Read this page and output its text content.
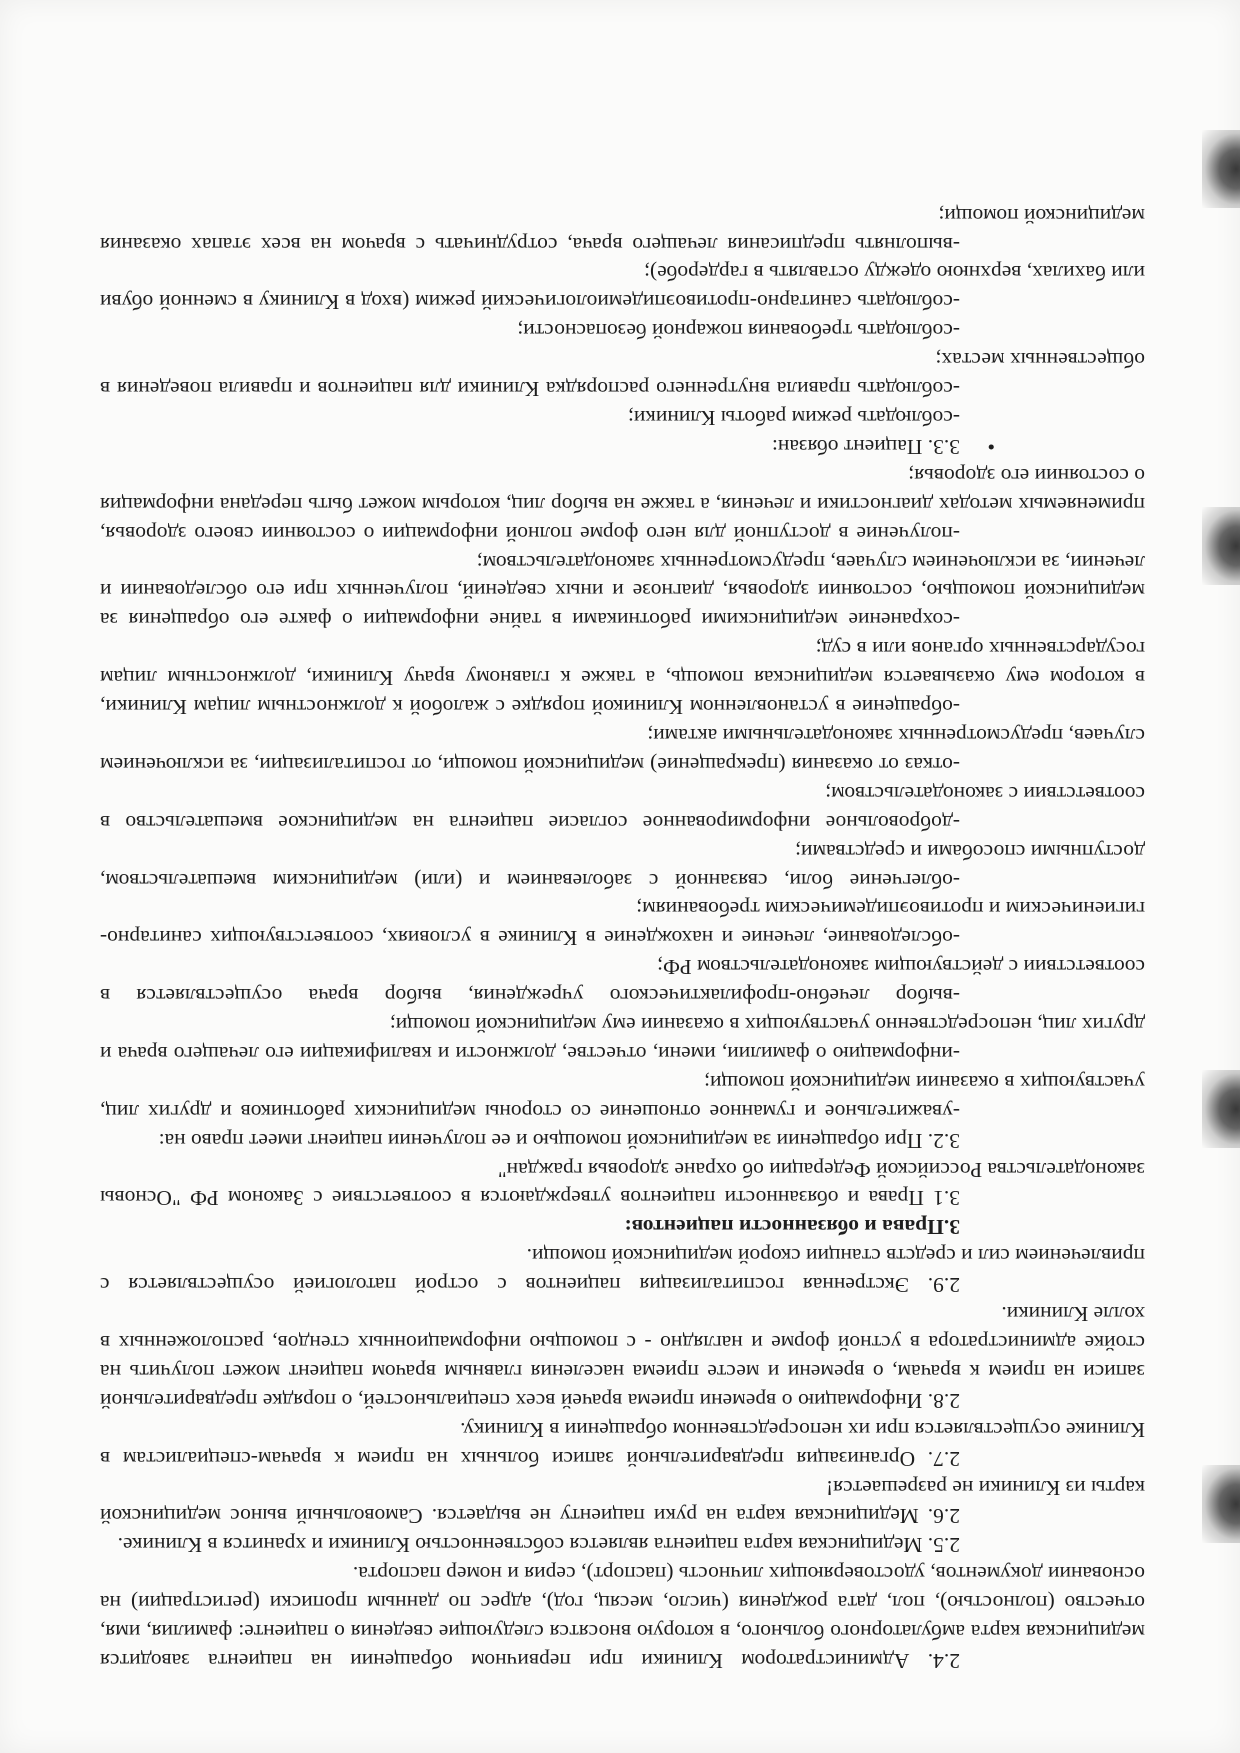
2.4. Администратором Клиники при первичном обращении на пациента заводится медицинская карта амбулаторного больного, в которую вносятся следующие сведения о пациенте: фамилия, имя, отчество (полностью), пол, дата рождения (число, месяц, год), адрес по данным прописки (регистрации) на основании документов, удостоверяющих личность (паспорт), серия и номер паспорта.

2.5. Медицинская карта пациента является собственностью Клиники и хранится в Клинике.

2.6. Медицинская карта на руки пациенту не выдается. Самовольный вынос медицинской карты из Клиники не разрешается!

2.7. Организация предварительной записи больных на прием к врачам-специалистам в Клинике осуществляется при их непосредственном обращении в Клинику.

2.8. Информацию о времени приема врачей всех специальностей, о порядке предварительной записи на прием к врачам, о времени и месте приема населения главным врачом пациент может получить на стойке администратора в устной форме и наглядно - с помощью информационных стендов, расположенных в холле Клиники.

2.9. Экстренная госпитализация пациентов с острой патологией осуществляется с привлечением сил и средств станции скорой медицинской помощи.

3.Права и обязанности пациентов:

3.1 Права и обязанности пациентов утверждаются в соответствие с Законом РФ "Основы законодательства Российской Федерации об охране здоровья граждан"

3.2. При обращении за медицинской помощью и ее получении пациент имеет право на:

-уважительное и гуманное отношение со стороны медицинских работников и других лиц, участвующих в оказании медицинской помощи;

-информацию о фамилии, имени, отчестве, должности и квалификации его лечащего врача и других лиц, непосредственно участвующих в оказании ему медицинской помощи;

-выбор лечебно-профилактического учреждения, выбор врача осуществляется в соответствии с действующим законодательством РФ;

-обследование, лечение и нахождение в Клинике в условиях, соответствующих санитарно-гигиеническим и противоэпидемическим требованиям;

-облегчение боли, связанной с заболеванием и (или) медицинским вмешательством, доступными способами и средствами;

-добровольное информированное согласие пациента на медицинское вмешательство в соответствии с законодательством;

-отказ от оказания (прекращение) медицинской помощи, от госпитализации, за исключением случаев, предусмотренных законодательными актами;

-обращение в установленном Клиникой порядке с жалобой к должностным лицам Клиники, в котором ему оказывается медицинская помощь, а также к главному врачу Клиники, должностным лицам государственных органов или в суд;

-сохранение медицинскими работниками в тайне информации о факте его обращения за медицинской помощью, состоянии здоровья, диагнозе и иных сведений, полученных при его обследовании и лечении, за исключением случаев, предусмотренных законодательством;

-получение в доступной для него форме полной информации о состоянии своего здоровья, применяемых методах диагностики и лечения, а также на выбор лиц, которым может быть передана информация о состоянии его здоровья;

•
3.3. Пациент обязан:

-соблюдать режим работы Клиники;

-соблюдать правила внутреннего распорядка Клиники для пациентов и правила поведения в общественных местах;

-соблюдать требования пожарной безопасности;

-соблюдать санитарно-противоэпидемиологический режим (вход в Клинику в сменной обуви или бахилах, верхнюю одежду оставлять в гардеробе);

-выполнять предписания лечащего врача, сотрудничать с врачом на всех этапах оказания медицинской помощи;
